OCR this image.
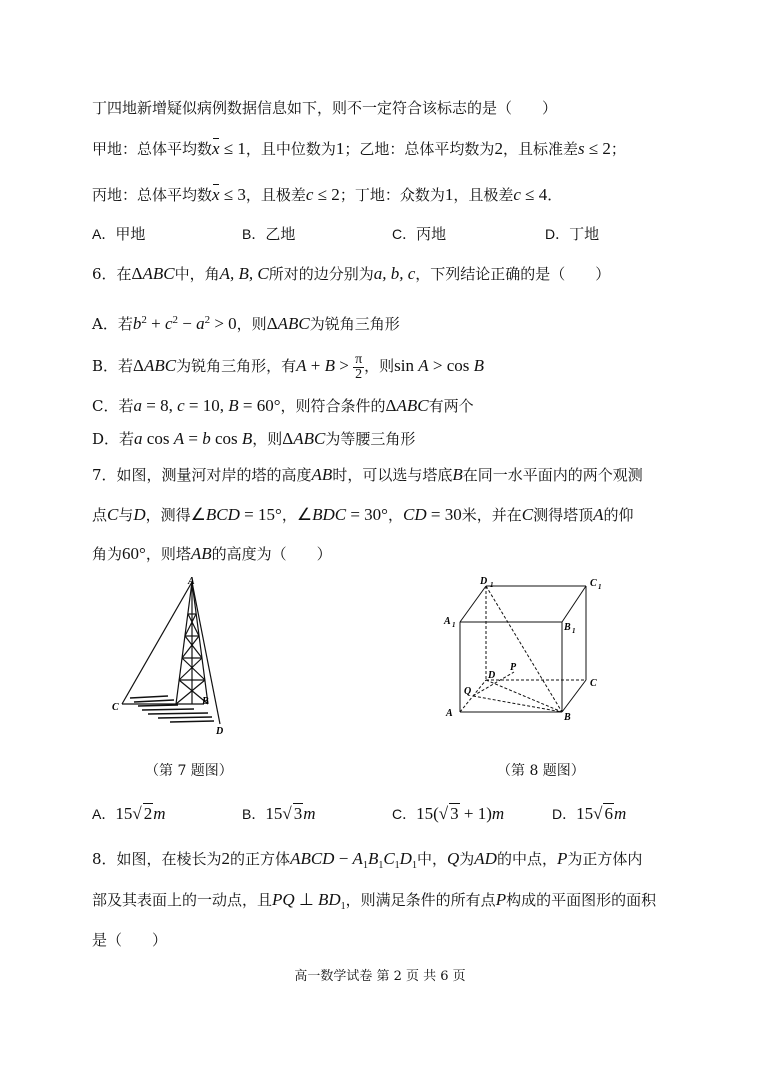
丁四地新增疑似病例数据信息如下，则不一定符合该标志的是（　　）
甲地：总体平均数x ≤ 1，且中位数为1；乙地：总体平均数为2，且标准差s ≤ 2；
丙地：总体平均数x ≤ 3，且极差c ≤ 2；丁地：众数为1，且极差c ≤ 4．
A．甲地	B．乙地	C．丙地	D．丁地
6．在ΔABC中，角A, B, C所对的边分别为a, b, c，下列结论正确的是（　　）
A．若$b^2 + c^2 - a^2 > 0$，则ΔABC为锐角三角形
B．若ΔABC为锐角三角形，有$A + B > \frac{\pi}{2}$ ，则sin A > cos B
C．若a = 8, c = 10, B = 60°，则符合条件的ΔABC有两个
D．若a cos A = b cos B，则ΔABC为等腰三角形
7．如图，测量河对岸的塔的高度AB时，可以选与塔底B在同一水平面内的两个观测
点C与D，测得∠BCD = 15°，∠BDC = 30°，CD = 30米，并在C测得塔顶A的仰
角为60°，则塔AB的高度为（　　）
A
B
C
D
（第 7 题图）
D 1	C 1
A 1	B 1
D
P
Q
C
A	B
（第 8 题图）
A．15√ 2m	B．15√ 3m	C．15(√ 3 + 1)m	D．15√ 6m
8．如图，在棱长为2的正方体ABCD − $A_1B_1C_1D_1$中，Q为AD的中点，P为正方体内
部及其表面上的一动点，且PQ ⊥ $BD_1$，则满足条件的所有点P构成的平面图形的面积
是（　　）
高一数学试卷 第 2 页 共 6 页
